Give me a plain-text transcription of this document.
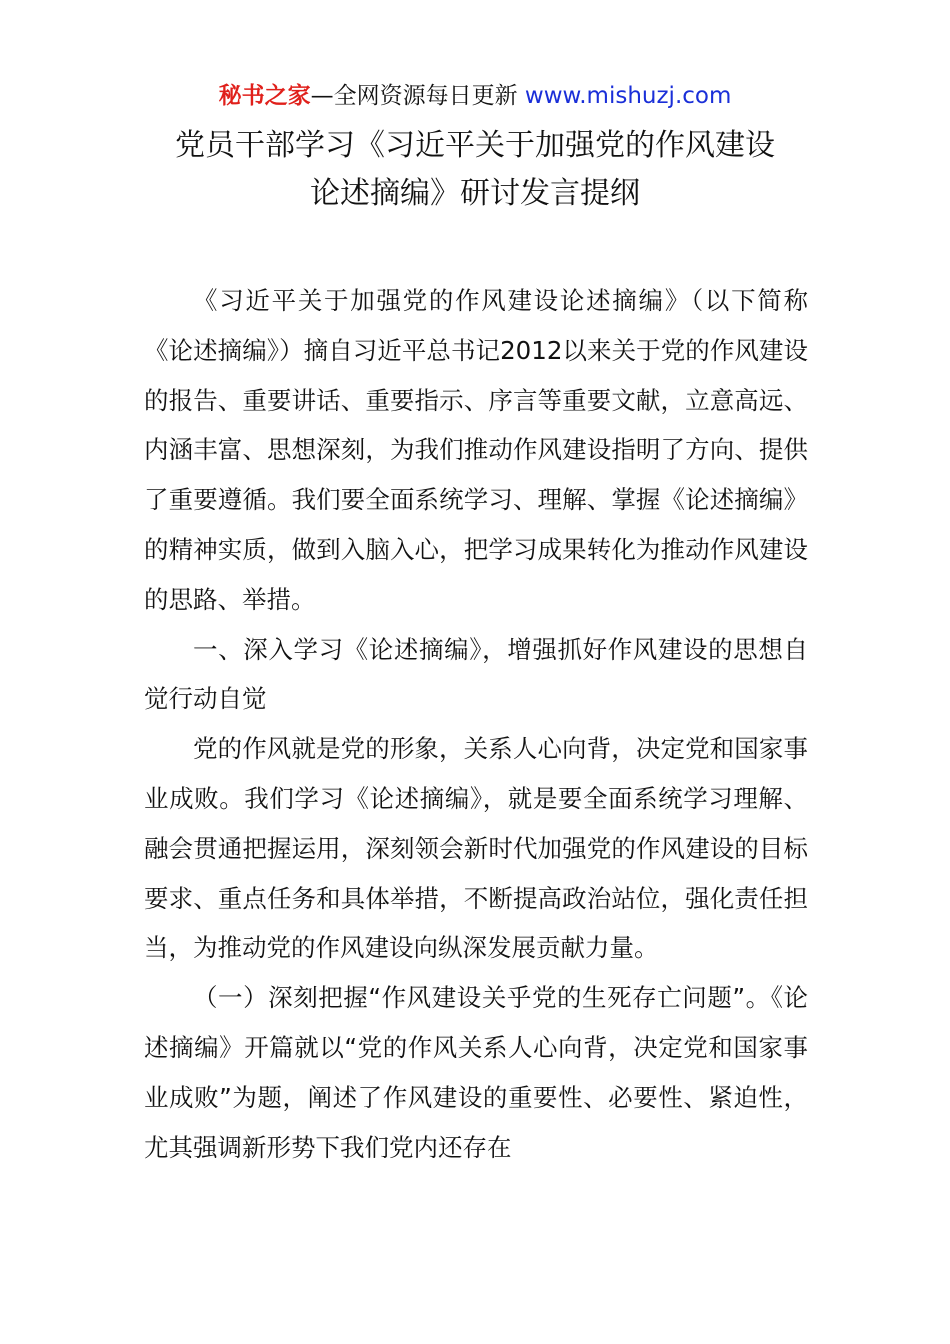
秘书之家—全网资源每日更新 www.mishuzj.com
党员干部学习《习近平关于加强党的作风建设
论述摘编》研讨发言提纲

《习近平关于加强党的作风建设论述摘编》（以下简称《论述摘编》）摘自习近平总书记2012以来关于党的作风建设的报告、重要讲话、重要指示、序言等重要文献，立意高远、内涵丰富、思想深刻，为我们推动作风建设指明了方向、提供了重要遵循。我们要全面系统学习、理解、掌握《论述摘编》的精神实质，做到入脑入心，把学习成果转化为推动作风建设的思路、举措。

一、深入学习《论述摘编》，增强抓好作风建设的思想自觉行动自觉

党的作风就是党的形象，关系人心向背，决定党和国家事业成败。我们学习《论述摘编》，就是要全面系统学习理解、融会贯通把握运用，深刻领会新时代加强党的作风建设的目标要求、重点任务和具体举措，不断提高政治站位，强化责任担当，为推动党的作风建设向纵深发展贡献力量。

（一）深刻把握“作风建设关乎党的生死存亡问题”。《论述摘编》开篇就以“党的作风关系人心向背，决定党和国家事业成败”为题，阐述了作风建设的重要性、必要性、紧迫性，尤其强调新形势下我们党内还存在
